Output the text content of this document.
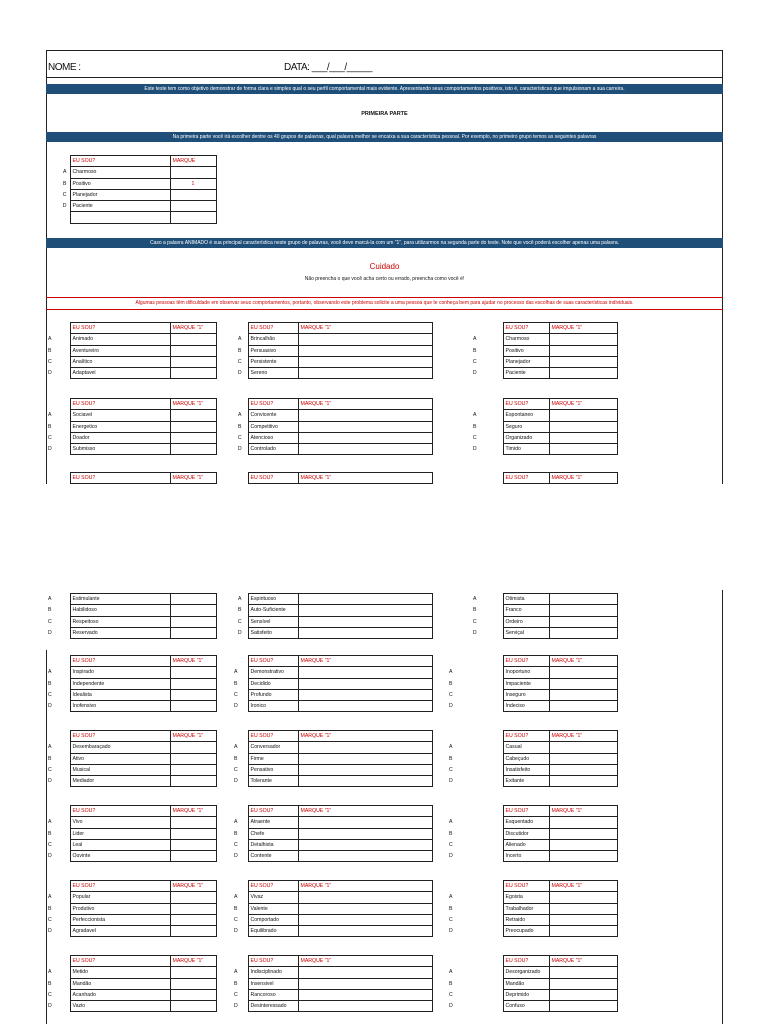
NOME :	DATA: ___/___/_____
Este teste tem como objetivo demonstrar de forma clara e simples qual o seu perfil comportamental mais evidente. Apresentando seus comportamentos positivos, isto é, características que impulsionam a sua carreira.
PRIMEIRA PARTE
Na primeira parte você irá escolher dentre os 40 grupos de palavras, qual palavra melhor se encaixa a sua característica pessoal. Por exemplo, no primeiro grupo temos as seguintes palavras
	EU SOU?	MARQUE
A	Charmoso	
B	Positivo	1
C	Planejador	
D	Paciente	

Caso a palavra ANIMADO é sua principal característica neste grupo de palavras, você deve marcá-la com um "1", para utilizarmos na segunda parte do teste. Note que você poderá escolher apenas uma palavra.
Cuidado
Não preencha o que você acha certo ou errado, preencha como você é!
Algumas pessoas têm dificuldade em observar seus comportamentos, portanto, observando este problema solicite a uma pessoa que te conheça bem para ajudar no processo das escolhas de suas características individuais.
	EU SOU?	MARQUE "1"
A	Animado	
B	Aventureiro	
C	Analítico	
D	Adaptavel	
	EU SOU?	MARQUE "1"
A	Brincalhão	
B	Persuasivo	
C	Persistente	
D	Sereno	
	EU SOU?	MARQUE "1"
A	Charmoso	
B	Positivo	
C	Planejador	
D	Paciente	
	EU SOU?	MARQUE "1"
A	Sociavel	
B	Energetico	
C	Doador	
D	Submisso	
	EU SOU?	MARQUE "1"
A	Convicente	
B	Competitivo	
C	Atencioso	
D	Controlado	
	EU SOU?	MARQUE "1"
A	Espontaneo	
B	Seguro	
C	Organizado	
D	Timido	
	EU SOU?	MARQUE "1"
		EU SOU?	MARQUE "1"
		EU SOU?	MARQUE "1"
A	Estimulante	
B	Habilidoso	
C	Respeitoso	
D	Reservado	
A	Espirituoso	
B	Auto-Suficiente	
C	Sensível	
D	Satisfeito	
A	Otimista	
B	Franco	
C	Ordeiro	
D	Serviçal	
	EU SOU?	MARQUE "1"
A	Inspirado	
B	Independente	
C	Idealista	
D	Inofensivo	
	EU SOU?	MARQUE "1"
A	Demonstrativo	
B	Decidido	
C	Profundo	
D	Ironico	
	EU SOU?	MARQUE "1"
A	Inoportuno	
B	Impaciente	
C	Inseguro	
D	Indeciso	
	EU SOU?	MARQUE "1"
A	Desembaraçado	
B	Ativo	
C	Musical	
D	Mediador	
	EU SOU?	MARQUE "1"
A	Conversador	
B	Firme	
C	Pensativo	
D	Tolerante	
	EU SOU?	MARQUE "1"
A	Casual	
B	Cabeçudo	
C	Insatisfeito	
D	Exitante	
	EU SOU?	MARQUE "1"
A	Vivo	
B	Lider	
C	Leal	
D	Ouvinte	
	EU SOU?	MARQUE "1"
A	Atraente	
B	Chefe	
C	Detalhista	
D	Contente	
	EU SOU?	MARQUE "1"
A	Esquentado	
B	Discutidor	
C	Alienado	
D	Incerto	
	EU SOU?	MARQUE "1"
A	Popular	
B	Produtivo	
C	Perfeccionista	
D	Agradavel	
	EU SOU?	MARQUE "1"
A	Vivaz	
B	Valente	
C	Comportado	
D	Equilibrado	
	EU SOU?	MARQUE "1"
A	Egoista	
B	Trabalhador	
C	Retraido	
D	Preocupado	
	EU SOU?	MARQUE "1"
A	Metido	
B	Mandão	
C	Acanhado	
D	Vazio	
	EU SOU?	MARQUE "1"
A	Indisciplinado	
B	Insensivel	
C	Rancoroso	
D	Desinteressado	
	EU SOU?	MARQUE "1"
A	Desorganizado	
B	Mandão	
C	Deprimido	
D	Confuso	
